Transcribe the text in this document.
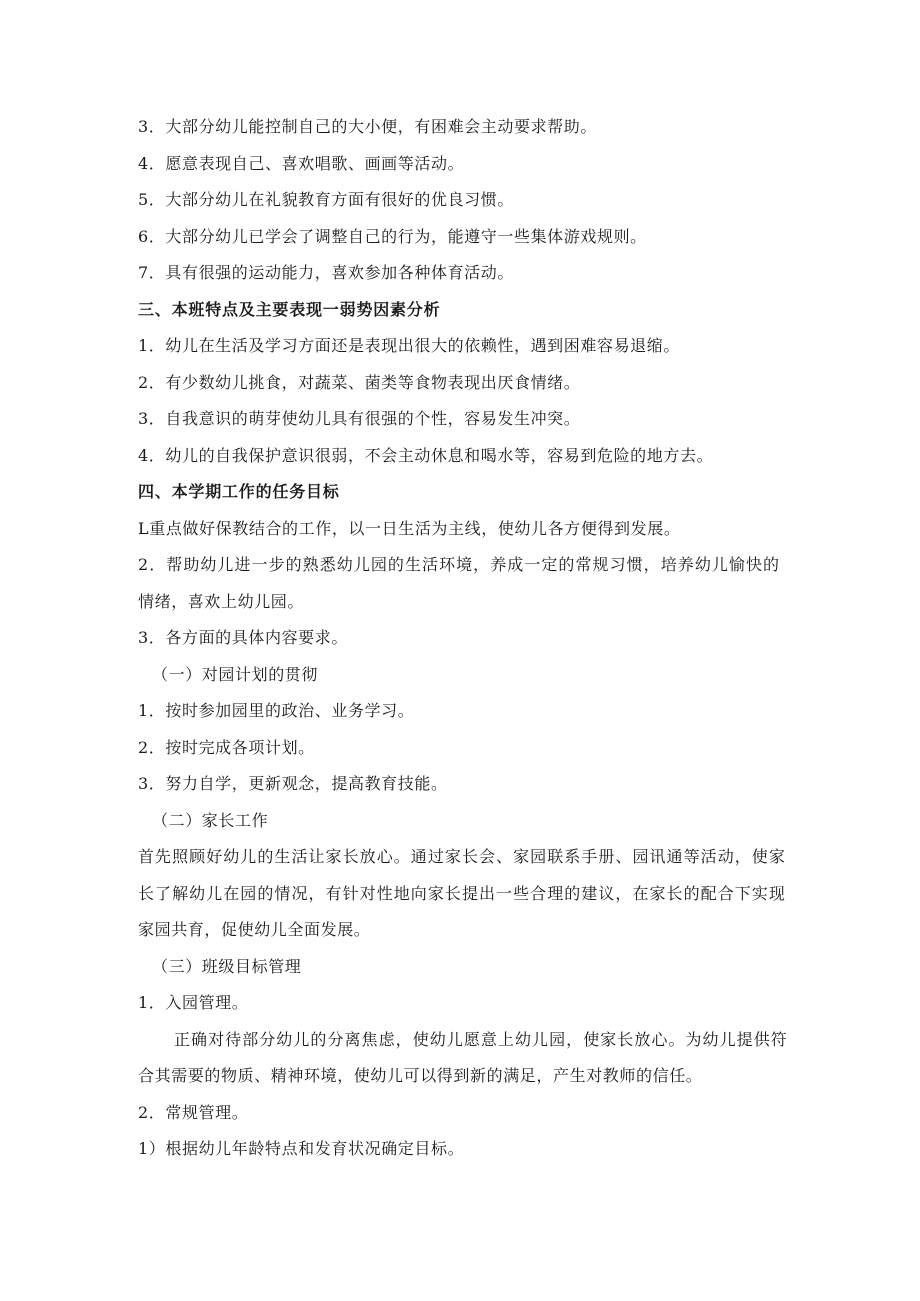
3．大部分幼儿能控制自己的大小便，有困难会主动要求帮助。
4．愿意表现自己、喜欢唱歌、画画等活动。
5．大部分幼儿在礼貌教育方面有很好的优良习惯。
6．大部分幼儿已学会了调整自己的行为，能遵守一些集体游戏规则。
7．具有很强的运动能力，喜欢参加各种体育活动。
三、本班特点及主要表现一弱势因素分析
1．幼儿在生活及学习方面还是表现出很大的依赖性，遇到困难容易退缩。
2．有少数幼儿挑食，对蔬菜、菌类等食物表现出厌食情绪。
3．自我意识的萌芽使幼儿具有很强的个性，容易发生冲突。
4．幼儿的自我保护意识很弱，不会主动休息和喝水等，容易到危险的地方去。
四、本学期工作的任务目标
L重点做好保教结合的工作，以一日生活为主线，使幼儿各方便得到发展。
2．帮助幼儿进一步的熟悉幼儿园的生活环境，养成一定的常规习惯，培养幼儿愉快的
情绪，喜欢上幼儿园。
3．各方面的具体内容要求。
（一）对园计划的贯彻
1．按时参加园里的政治、业务学习。
2．按时完成各项计划。
3．努力自学，更新观念，提高教育技能。
（二）家长工作
首先照顾好幼儿的生活让家长放心。通过家长会、家园联系手册、园讯通等活动，使家
长了解幼儿在园的情况，有针对性地向家长提出一些合理的建议，在家长的配合下实现
家园共育，促使幼儿全面发展。
（三）班级目标管理
1．入园管理。
正确对待部分幼儿的分离焦虑，使幼儿愿意上幼儿园，使家长放心。为幼儿提供符
合其需要的物质、精神环境，使幼儿可以得到新的满足，产生对教师的信任。
2．常规管理。
1）根据幼儿年龄特点和发育状况确定目标。
